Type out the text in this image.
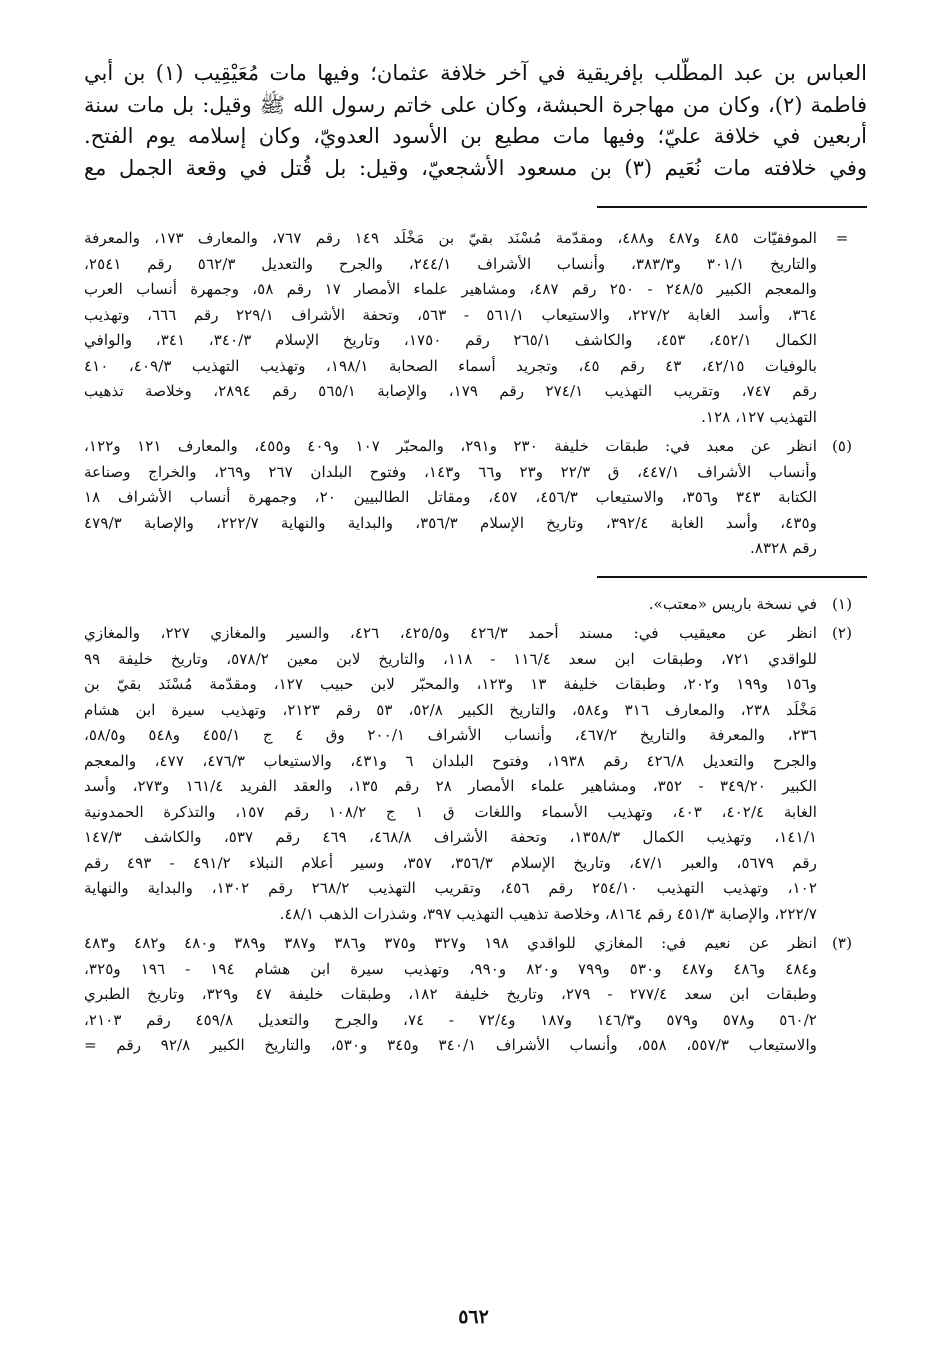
العباس بن عبد المطّلب بإفريقية في آخر خلافة عثمان؛ وفيها مات مُعَيْقِيب (١) بن أبي
فاطمة (٢)، وكان من مهاجرة الحبشة، وكان على خاتم رسول الله ﷺ وقيل: بل مات سنة
أربعين في خلافة عليّ؛ وفيها مات مطيع بن الأسود العدويّ، وكان إسلامه يوم الفتح.
وفي خلافته مات نُعَيم (٣) بن مسعود الأشجعيّ، وقيل: بل قُتل في وقعة الجمل مع
=
الموفقيّات ٤٨٥ و٤٨٧ و٤٨٨، ومقدّمة مُسْنَد بقيّ بن مَخْلَد ١٤٩ رقم ٧٦٧، والمعارف ١٧٣، والمعرفة
والتاريخ ٣٠١/١ و٣٨٣/٣، وأنساب الأشراف ٢٤٤/١، والجرح والتعديل ٥٦٢/٣ رقم ٢٥٤١،
والمعجم الكبير ٢٤٨/٥ - ٢٥٠ رقم ٤٨٧، ومشاهير علماء الأمصار ١٧ رقم ٥٨، وجمهرة أنساب العرب
٣٦٤، وأسد الغابة ٢٢٧/٢، والاستيعاب ٥٦١/١ - ٥٦٣، وتحفة الأشراف ٢٢٩/١ رقم ٦٦٦، وتهذيب
الكمال ٤٥٢/١، ٤٥٣، والكاشف ٢٦٥/١ رقم ١٧٥٠، وتاريخ الإسلام ٣٤٠/٣، ٣٤١، والوافي
بالوفيات ٤٢/١٥، ٤٣ رقم ٤٥، وتجريد أسماء الصحابة ١٩٨/١، وتهذيب التهذيب ٤٠٩/٣، ٤١٠
رقم ٧٤٧، وتقريب التهذيب ٢٧٤/١ رقم ١٧٩، والإصابة ٥٦٥/١ رقم ٢٨٩٤، وخلاصة تذهيب
التهذيب ١٢٧، ١٢٨.
(٥)
انظر عن معبد في: طبقات خليفة ٢٣٠ و٢٩١، والمحبّر ١٠٧ و٤٠٩ و٤٥٥، والمعارف ١٢١ و١٢٢،
وأنساب الأشراف ٤٤٧/١، ق ٢٢/٣ و٢٣ و٦٦ و١٤٣، وفتوح البلدان ٢٦٧ و٢٦٩، والخراج وصناعة
الكتابة ٣٤٣ و٣٥٦، والاستيعاب ٤٥٦/٣، ٤٥٧، ومقاتل الطالبيين ٢٠، وجمهرة أنساب الأشراف ١٨
و٤٣٥، وأسد الغابة ٣٩٢/٤، وتاريخ الإسلام ٣٥٦/٣، والبداية والنهاية ٢٢٢/٧، والإصابة ٤٧٩/٣
رقم ٨٣٢٨.
(١)
في نسخة باريس «معتب».
(٢)
انظر عن معيقيب في: مسند أحمد ٤٢٦/٣ و٤٢٥/٥، ٤٢٦، والسير والمغازي ٢٢٧، والمغازي
للواقدي ٧٢١، وطبقات ابن سعد ١١٦/٤ - ١١٨، والتاريخ لابن معين ٥٧٨/٢، وتاريخ خليفة ٩٩
و١٥٦ و١٩٩ و٢٠٢، وطبقات خليفة ١٣ و١٢٣، والمحبّر لابن حبيب ١٢٧، ومقدّمة مُسْنَد بقيّ بن
مَخْلَد ٢٣٨، والمعارف ٣١٦ و٥٨٤، والتاريخ الكبير ٥٢/٨، ٥٣ رقم ٢١٢٣، وتهذيب سيرة ابن هشام
٢٣٦، والمعرفة والتاريخ ٤٦٧/٢، وأنساب الأشراف ٢٠٠/١ وق ٤ ج ٤٥٥/١ و٥٤٨ و٥٨/٥،
والجرح والتعديل ٤٢٦/٨ رقم ١٩٣٨، وفتوح البلدان ٦ و٤٣١، والاستيعاب ٤٧٦/٣، ٤٧٧، والمعجم
الكبير ٣٤٩/٢٠ - ٣٥٢، ومشاهير علماء الأمصار ٢٨ رقم ١٣٥، والعقد الفريد ١٦١/٤ و٢٧٣، وأسد
الغابة ٤٠٢/٤، ٤٠٣، وتهذيب الأسماء واللغات ق ١ ج ١٠٨/٢ رقم ١٥٧، والتذكرة الحمدونية
١٤١/١، وتهذيب الكمال ١٣٥٨/٣، وتحفة الأشراف ٤٦٨/٨، ٤٦٩ رقم ٥٣٧، والكاشف ١٤٧/٣
رقم ٥٦٧٩، والعبر ٤٧/١، وتاريخ الإسلام ٣٥٦/٣، ٣٥٧، وسير أعلام النبلاء ٤٩١/٢ - ٤٩٣ رقم
١٠٢، وتهذيب التهذيب ٢٥٤/١٠ رقم ٤٥٦، وتقريب التهذيب ٢٦٨/٢ رقم ١٣٠٢، والبداية والنهاية
٢٢٢/٧، والإصابة ٤٥١/٣ رقم ٨١٦٤، وخلاصة تذهيب التهذيب ٣٩٧، وشذرات الذهب ٤٨/١.
(٣)
انظر عن نعيم في: المغازي للواقدي ١٩٨ و٣٢٧ و٣٧٥ و٣٨٦ و٣٨٧ و٣٨٩ و٤٨٠ و٤٨٢ و٤٨٣
و٤٨٤ و٤٨٦ و٤٨٧ و٥٣٠ و٧٩٩ و٨٢٠ و٩٩٠، وتهذيب سيرة ابن هشام ١٩٤ - ١٩٦ و٣٢٥،
وطبقات ابن سعد ٢٧٧/٤ - ٢٧٩، وتاريخ خليفة ١٨٢، وطبقات خليفة ٤٧ و٣٢٩، وتاريخ الطبري
٥٦٠/٢ و٥٧٨ و٥٧٩ و١٤٦/٣ و١٨٧ و٧٢/٤ - ٧٤، والجرح والتعديل ٤٥٩/٨ رقم ٢١٠٣،
والاستيعاب ٥٥٧/٣، ٥٥٨، وأنساب الأشراف ٣٤٠/١ و٣٤٥ و٥٣٠، والتاريخ الكبير ٩٢/٨ رقم =
٥٦٢
